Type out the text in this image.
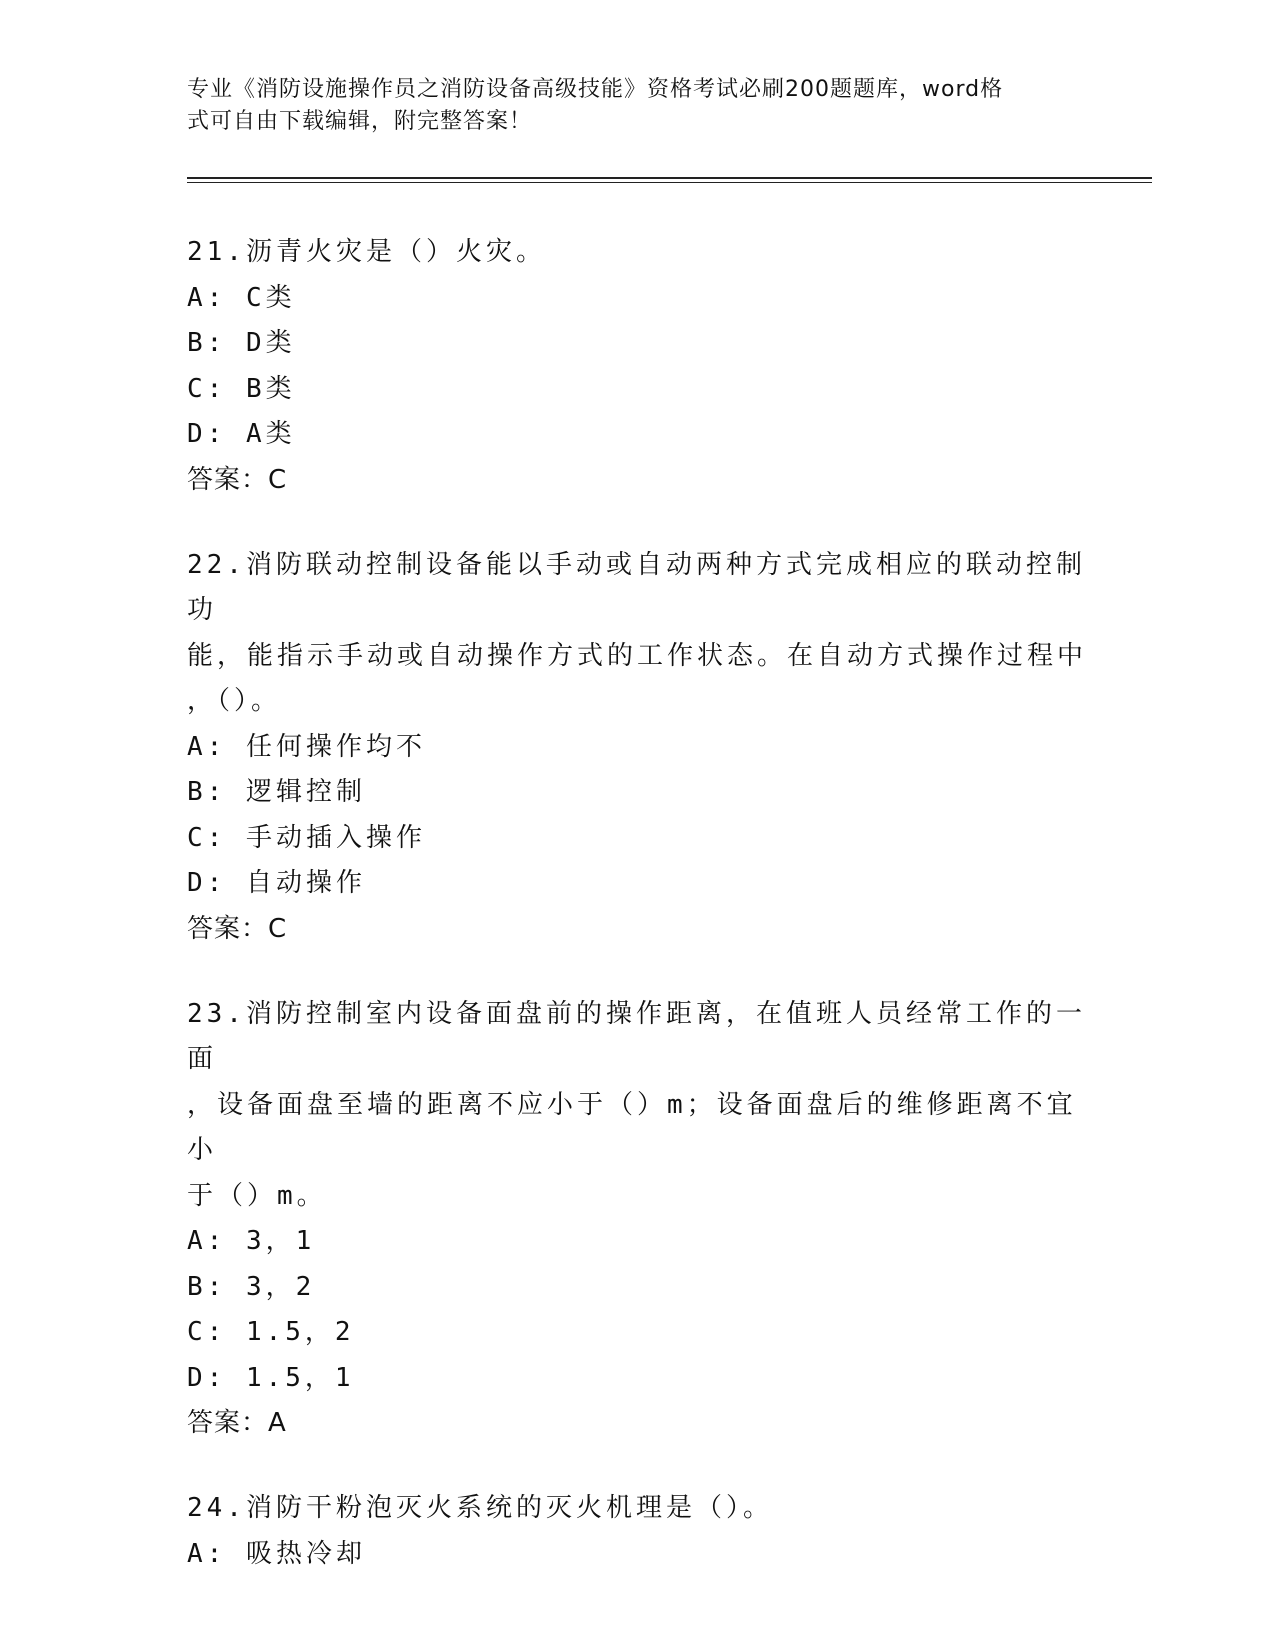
专业《消防设施操作员之消防设备高级技能》资格考试必刷200题题库，word格
式可自由下载编辑，附完整答案！
21.沥青火灾是（）火灾。
A: C类
B: D类
C: B类
D: A类
答案：C
22.消防联动控制设备能以手动或自动两种方式完成相应的联动控制功
能，能指示手动或自动操作方式的工作状态。在自动方式操作过程中
，（）。
A: 任何操作均不
B: 逻辑控制
C: 手动插入操作
D: 自动操作
答案：C
23.消防控制室内设备面盘前的操作距离，在值班人员经常工作的一面
，设备面盘至墙的距离不应小于（）m；设备面盘后的维修距离不宜小
于（）m。
A: 3，1
B: 3，2
C: 1.5，2
D: 1.5，1
答案：A
24.消防干粉泡灭火系统的灭火机理是（）。
A: 吸热冷却
